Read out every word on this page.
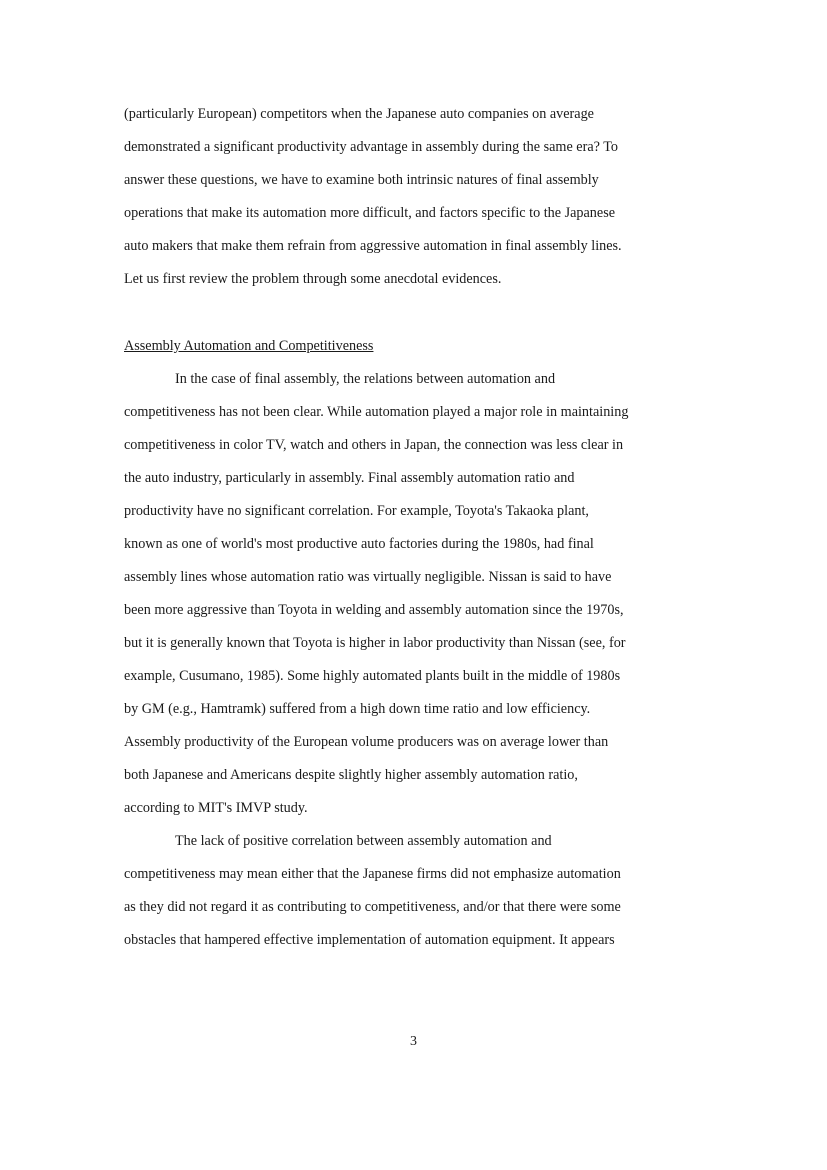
(particularly European) competitors when the Japanese auto companies on average
demonstrated a significant productivity advantage in assembly during the same era? To
answer these questions, we have to examine both intrinsic natures of final assembly
operations that make its automation more difficult, and factors specific to the Japanese
auto makers that make them refrain from aggressive automation in final assembly lines.
Let us first review the problem through some anecdotal evidences.
Assembly Automation and Competitiveness
In the case of final assembly, the relations between automation and
competitiveness has not been clear. While automation played a major role in maintaining
competitiveness in color TV, watch and others in Japan, the connection was less clear in
the auto industry, particularly in assembly. Final assembly automation ratio and
productivity have no significant correlation. For example, Toyota's Takaoka plant,
known as one of world's most productive auto factories during the 1980s, had final
assembly lines whose automation ratio was virtually negligible. Nissan is said to have
been more aggressive than Toyota in welding and assembly automation since the 1970s,
but it is generally known that Toyota is higher in labor productivity than Nissan (see, for
example, Cusumano, 1985). Some highly automated plants built in the middle of 1980s
by GM (e.g., Hamtramk) suffered from a high down time ratio and low efficiency.
Assembly productivity of the European volume producers was on average lower than
both Japanese and Americans despite slightly higher assembly automation ratio,
according to MIT's IMVP study.
The lack of positive correlation between assembly automation and
competitiveness may mean either that the Japanese firms did not emphasize automation
as they did not regard it as contributing to competitiveness, and/or that there were some
obstacles that hampered effective implementation of automation equipment. It appears
3
